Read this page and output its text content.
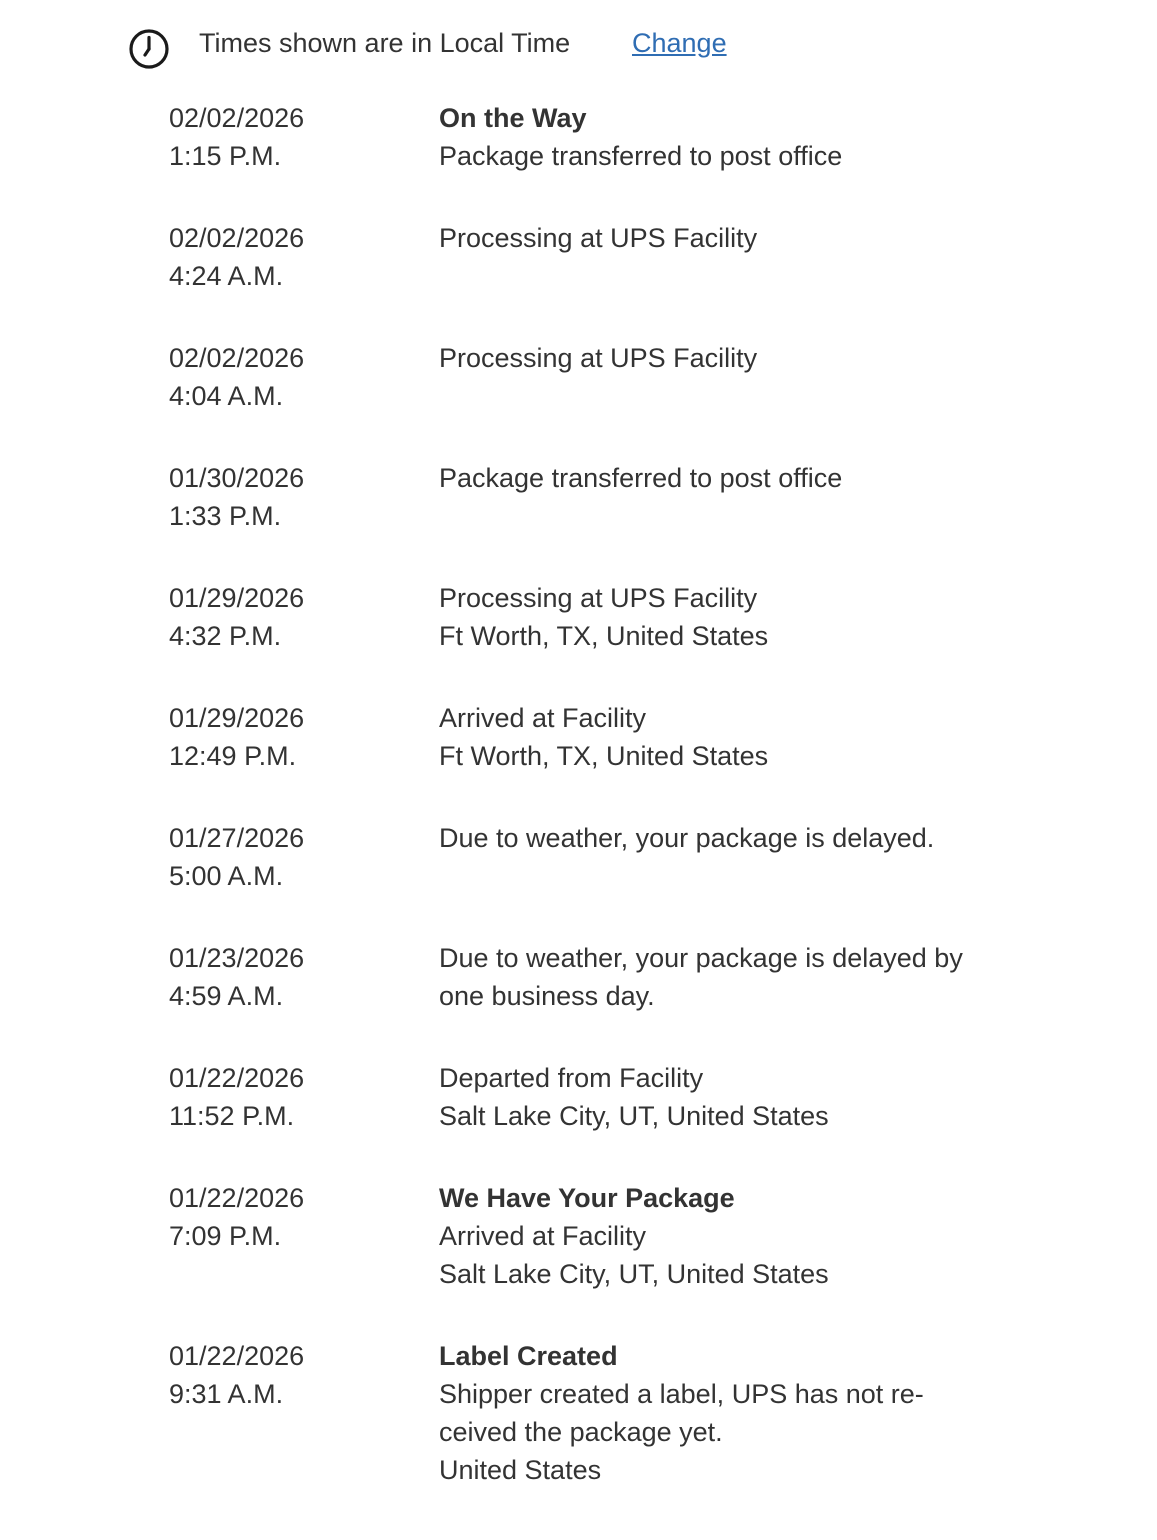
Times shown are in Local Time Change
02/02/2026
1:15 P.M.
On the Way
Package transferred to post office
02/02/2026
4:24 A.M.
Processing at UPS Facility
02/02/2026
4:04 A.M.
Processing at UPS Facility
01/30/2026
1:33 P.M.
Package transferred to post office
01/29/2026
4:32 P.M.
Processing at UPS Facility
Ft Worth, TX, United States
01/29/2026
12:49 P.M.
Arrived at Facility
Ft Worth, TX, United States
01/27/2026
5:00 A.M.
Due to weather, your package is delayed.
01/23/2026
4:59 A.M.
Due to weather, your package is delayed by
one business day.
01/22/2026
11:52 P.M.
Departed from Facility
Salt Lake City, UT, United States
01/22/2026
7:09 P.M.
We Have Your Package
Arrived at Facility
Salt Lake City, UT, United States
01/22/2026
9:31 A.M.
Label Created
Shipper created a label, UPS has not re-
ceived the package yet.
United States
